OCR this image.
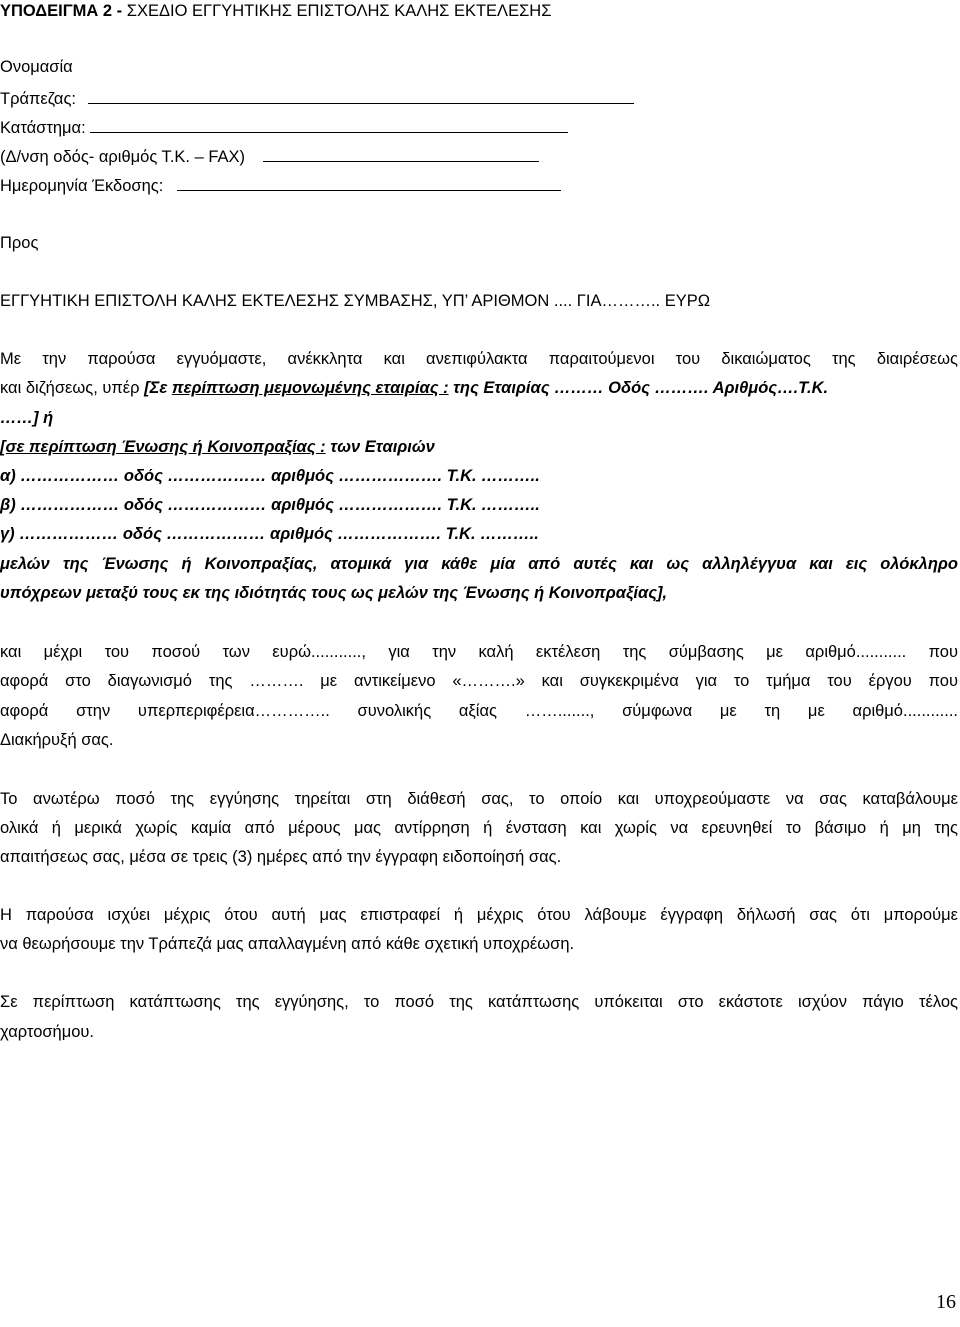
ΥΠΟΔΕΙΓΜΑ 2 - ΣΧΕΔΙΟ ΕΓΓΥΗΤΙΚΗΣ ΕΠΙΣΤΟΛΗΣ ΚΑΛΗΣ ΕΚΤΕΛΕΣΗΣ
Ονομασία
Τράπεζας:
Κατάστημα:
(Δ/νση οδός- αριθμός Τ.Κ. – FAX)
Ημερομηνία Έκδοσης:
Προς
ΕΓΓΥΗΤΙΚΗ ΕΠΙΣΤΟΛΗ ΚΑΛΗΣ ΕΚΤΕΛΕΣΗΣ ΣΥΜΒΑΣΗΣ, ΥΠ’ ΑΡΙΘΜΟΝ .... ΓΙΑ……….. ΕΥΡΩ
Με την παρούσα εγγυόμαστε, ανέκκλητα και ανεπιφύλακτα παραιτούμενοι του δικαιώματος της διαιρέσεως
και διζήσεως, υπέρ [Σε περίπτωση μεμονωμένης εταιρίας : της Εταιρίας ……… Οδός ………. Αριθμός….Τ.Κ.
……] ή
[σε περίπτωση Ένωσης ή Κοινοπραξίας : των Εταιριών
α) ……………… οδός ……………… αριθμός ………………. Τ.Κ. ………..
β) ……………… οδός ……………… αριθμός ………………. Τ.Κ. ………..
γ) ……………… οδός ……………… αριθμός ………………. Τ.Κ. ………..
μελών της Ένωσης ή Κοινοπραξίας, ατομικά για κάθε μία από αυτές και ως αλληλέγγυα και εις ολόκληρο
υπόχρεων μεταξύ τους εκ της ιδιότητάς τους ως μελών της Ένωσης ή Κοινοπραξίας],
και μέχρι του ποσού των ευρώ..........., για την καλή εκτέλεση της σύμβασης με αριθμό........... που
αφορά στο διαγωνισμό της ………. με αντικείμενο «……….» και συγκεκριμένα για το τμήμα του έργου που
αφορά στην υπερπεριφέρεια………….. συνολικής αξίας ……......., σύμφωνα με τη με αριθμό............
Διακήρυξή σας.
Το ανωτέρω ποσό της εγγύησης τηρείται στη διάθεσή σας, το οποίο και υποχρεούμαστε να σας καταβάλουμε
ολικά ή μερικά χωρίς καμία από μέρους μας αντίρρηση ή ένσταση και χωρίς να ερευνηθεί το βάσιμο ή μη της
απαιτήσεως σας, μέσα σε τρεις (3) ημέρες από την έγγραφη ειδοποίησή σας.
Η παρούσα ισχύει μέχρις ότου αυτή μας επιστραφεί ή μέχρις ότου λάβουμε έγγραφη δήλωσή σας ότι μπορούμε
να θεωρήσουμε την Τράπεζά μας απαλλαγμένη από κάθε σχετική υποχρέωση.
Σε περίπτωση κατάπτωσης της εγγύησης, το ποσό της κατάπτωσης υπόκειται στο εκάστοτε ισχύον πάγιο τέλος
χαρτοσήμου.
16
